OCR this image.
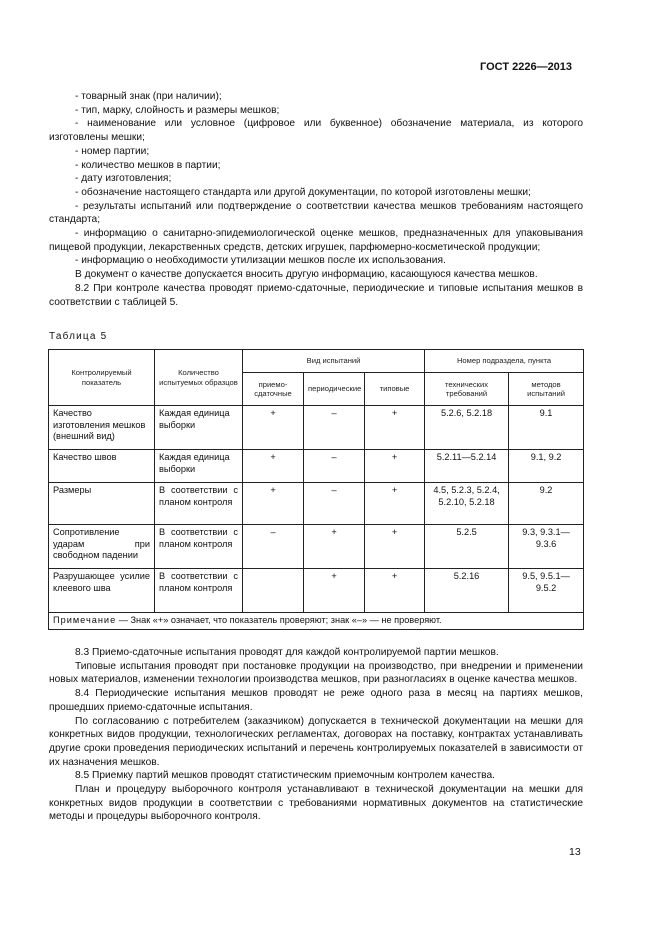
ГОСТ 2226—2013

- товарный знак (при наличии);

- тип, марку, слойность и размеры мешков;

- наименование или условное (цифровое или буквенное) обозначение материала, из которого изготовлены мешки;

- номер партии;

- количество мешков в партии;

- дату изготовления;

- обозначение настоящего стандарта или другой документации, по которой изготовлены мешки;

- результаты испытаний или подтверждение о соответствии качества мешков требованиям настоящего стандарта;

- информацию о санитарно-эпидемиологической оценке мешков, предназначенных для упаковывания пищевой продукции, лекарственных средств, детских игрушек, парфюмерно-косметической продукции;

- информацию о необходимости утилизации мешков после их использования.

В документ о качестве допускается вносить другую информацию, касающуюся качества мешков.

8.2 При контроле качества проводят приемо-сдаточные, периодические и типовые испытания мешков в соответствии с таблицей 5.

Таблица 5
Контролируемый показатель	Количество испытуемых образцов	Вид испытаний			Номер подраздела, пункта	
		приемо-сдаточные	периодические	типовые	технических требований	методов испытаний
Качество изготовления мешков (внешний вид)	Каждая единица выборки	+	–	+	5.2.6, 5.2.18	9.1
Качество швов	Каждая единица выборки	+	–	+	5.2.11—5.2.14	9.1, 9.2
Размеры	В соответствии с планом контроля	+	–	+	4.5, 5.2.3, 5.2.4, 5.2.10, 5.2.18	9.2
Сопротивление ударам при свободном падении	В соответствии с планом контроля	–	+	+	5.2.5	9.3, 9.3.1—9.3.6
Разрушающее усилие клеевого шва	В соответствии с планом контроля		+	+	5.2.16	9.5, 9.5.1—9.5.2
Примечание — Знак «+» означает, что показатель проверяют; знак «–» — не проверяют.						

8.3 Приемо-сдаточные испытания проводят для каждой контролируемой партии мешков.

Типовые испытания проводят при постановке продукции на производство, при внедрении и применении новых материалов, изменении технологии производства мешков, при разногласиях в оценке качества мешков.

8.4 Периодические испытания мешков проводят не реже одного раза в месяц на партиях мешков, прошедших приемо-сдаточные испытания.

По согласованию с потребителем (заказчиком) допускается в технической документации на мешки для конкретных видов продукции, технологических регламентах, договорах на поставку, контрактах устанавливать другие сроки проведения периодических испытаний и перечень контролируемых показателей в зависимости от их назначения мешков.

8.5 Приемку партий мешков проводят статистическим приемочным контролем качества.

План и процедуру выборочного контроля устанавливают в технической документации на мешки для конкретных видов продукции в соответствии с требованиями нормативных документов на статистические методы и процедуры выборочного контроля.

13
